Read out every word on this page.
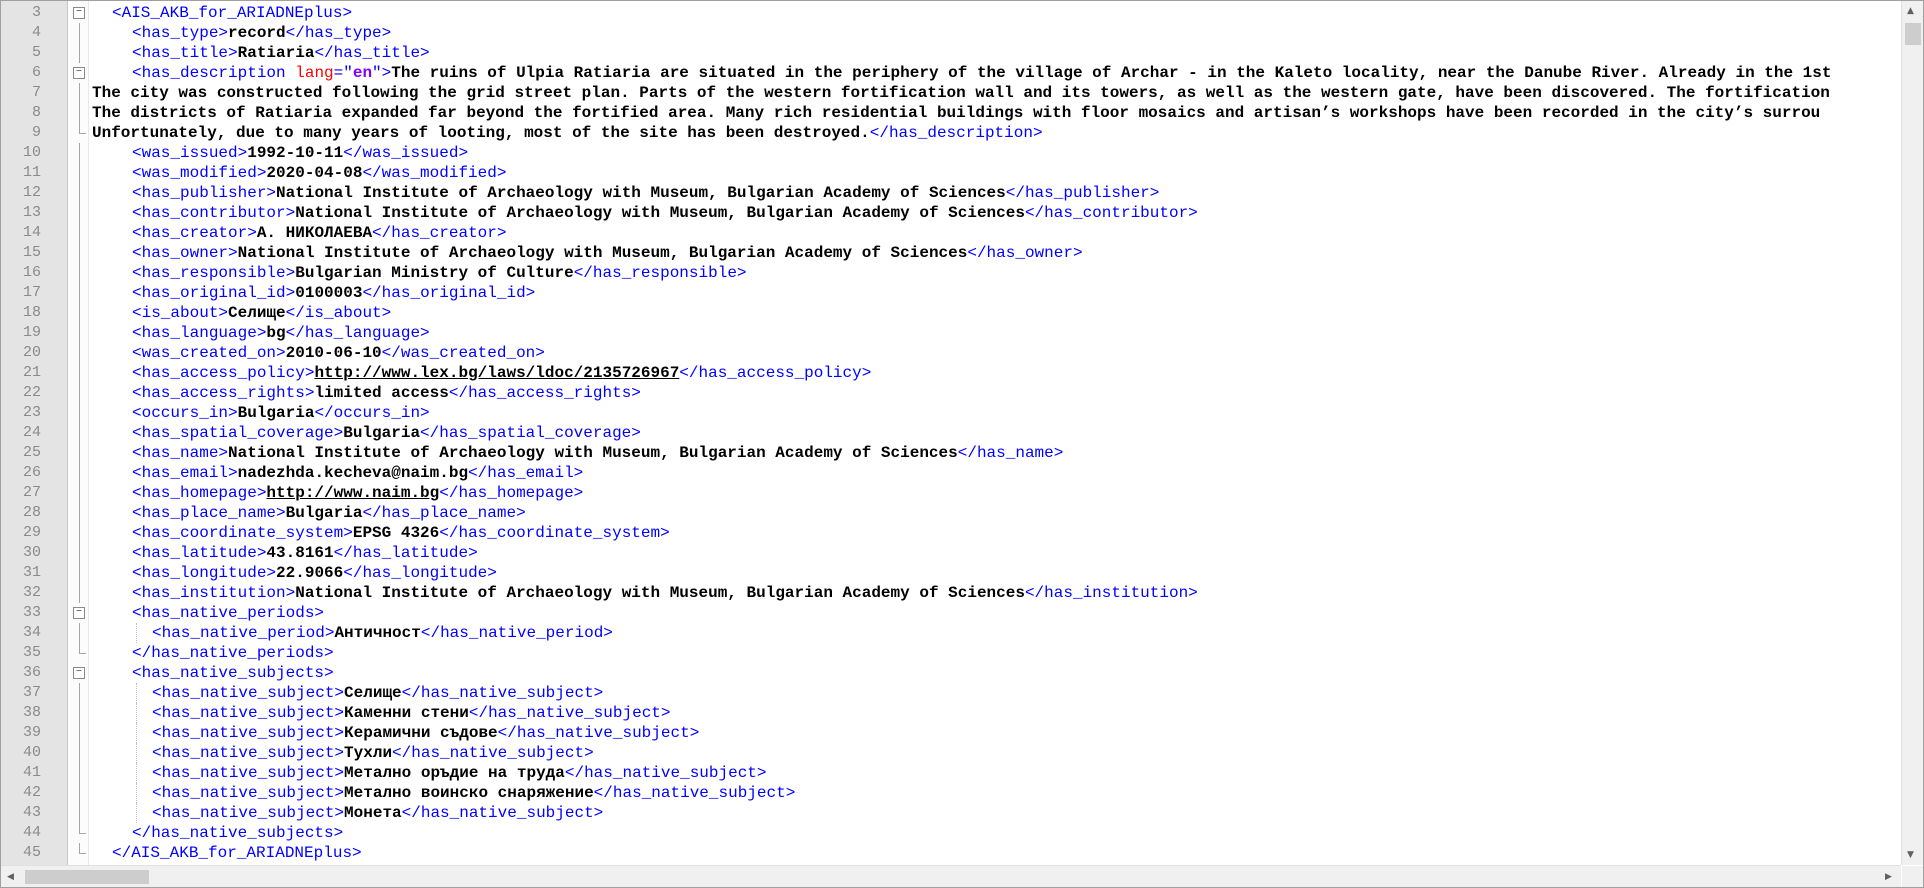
3	− <AIS_AKB_for_ARIADNEplus>
4	<has_type>record</has_type>
5	<has_title>Ratiaria</has_title>
6	−	<has_description lang="en">The ruins of Ulpia Ratiaria are situated in the periphery of the village of Archar - in the Kaleto locality, near the Danube River. Already in the 1st
7	The city was constructed following the grid street plan. Parts of the western fortification wall and its towers, as well as the western gate, have been discovered. The fortification
8	The districts of Ratiaria expanded far beyond the fortified area. Many rich residential buildings with floor mosaics and artisan’s workshops have been recorded in the city’s surrou
9	Unfortunately, due to many years of looting, most of the site has been destroyed.</has_description>
10	<was_issued>1992-10-11</was_issued>
11	<was_modified>2020-04-08</was_modified>
12	<has_publisher>National Institute of Archaeology with Museum, Bulgarian Academy of Sciences</has_publisher>
13	<has_contributor>National Institute of Archaeology with Museum, Bulgarian Academy of Sciences</has_contributor>
14	<has_creator>А. НИКОЛАЕВА</has_creator>
15	<has_owner>National Institute of Archaeology with Museum, Bulgarian Academy of Sciences</has_owner>
16	<has_responsible>Bulgarian Ministry of Culture</has_responsible>
17	<has_original_id>0100003</has_original_id>
18	<is_about>Селище</is_about>
19	<has_language>bg</has_language>
20	<was_created_on>2010-06-10</was_created_on>
21	<has_access_policy>http://www.lex.bg/laws/ldoc/2135726967</has_access_policy>
22	<has_access_rights>limited access</has_access_rights>
23	<occurs_in>Bulgaria</occurs_in>
24	<has_spatial_coverage>Bulgaria</has_spatial_coverage>
25	<has_name>National Institute of Archaeology with Museum, Bulgarian Academy of Sciences</has_name>
26	<has_email>nadezhda.kecheva@naim.bg</has_email>
27	<has_homepage>http://www.naim.bg</has_homepage>
28	<has_place_name>Bulgaria</has_place_name>
29	<has_coordinate_system>EPSG 4326</has_coordinate_system>
30	<has_latitude>43.8161</has_latitude>
31	<has_longitude>22.9066</has_longitude>
32	<has_institution>National Institute of Archaeology with Museum, Bulgarian Academy of Sciences</has_institution>
33	−	<has_native_periods>
34	<has_native_period>Античност</has_native_period>
35	</has_native_periods>
36	−	<has_native_subjects>
37	<has_native_subject>Селище</has_native_subject>
38	<has_native_subject>Каменни стени</has_native_subject>
39	<has_native_subject>Керамични съдове</has_native_subject>
40	<has_native_subject>Тухли</has_native_subject>
41	<has_native_subject>Метално оръдие на труда</has_native_subject>
42	<has_native_subject>Метално воинско снаряжение</has_native_subject>
43	<has_native_subject>Монета</has_native_subject>
44	</has_native_subjects>
45	</AIS_AKB_for_ARIADNEplus>
▲
▼
◀	▶
